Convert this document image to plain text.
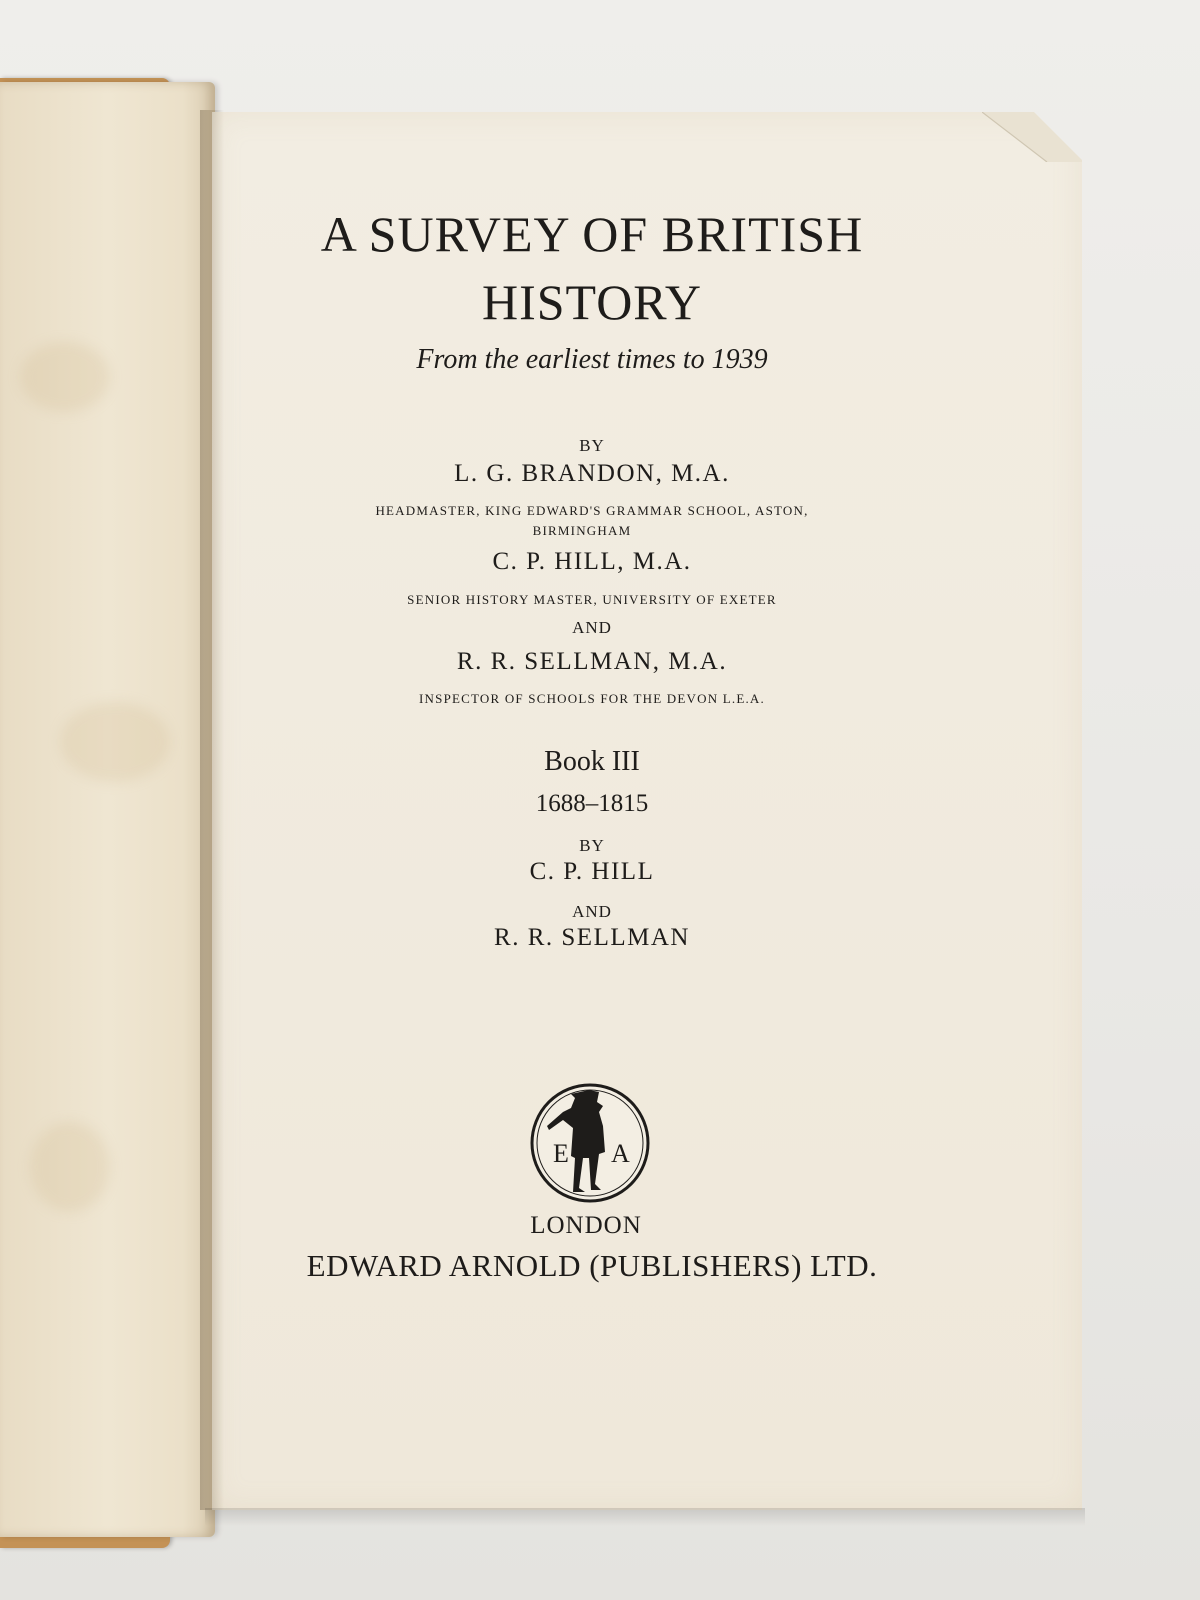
A SURVEY OF BRITISH
HISTORY
From the earliest times to 1939
BY
L. G. BRANDON, M.A.
HEADMASTER, KING EDWARD'S GRAMMAR SCHOOL, ASTON,
BIRMINGHAM
C. P. HILL, M.A.
SENIOR HISTORY MASTER, UNIVERSITY OF EXETER
AND
R. R. SELLMAN, M.A.
INSPECTOR OF SCHOOLS FOR THE DEVON L.E.A.
Book III
1688–1815
BY
C. P. HILL
AND
R. R. SELLMAN
E A
LONDON
EDWARD ARNOLD (PUBLISHERS) LTD.
